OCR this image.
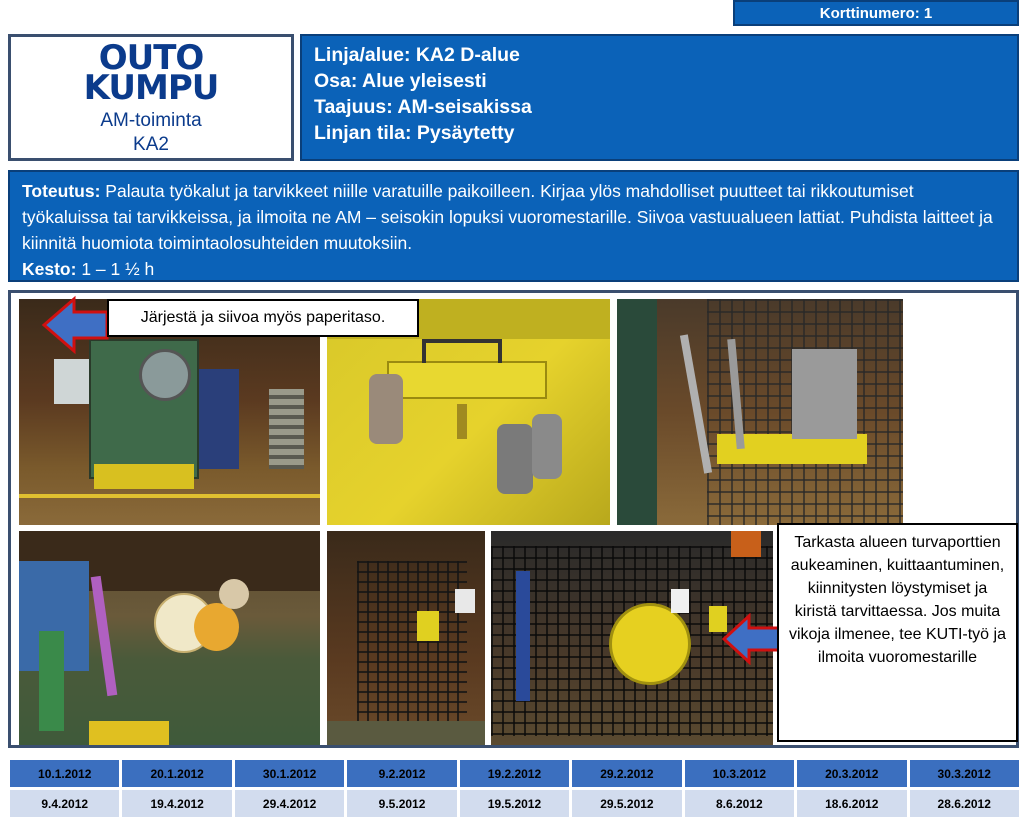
Korttinumero: 1
OUTO
KUMPU
AM-toiminta
KA2
Linja/alue: KA2 D-alue
Osa: Alue yleisesti
Taajuus: AM-seisakissa
Linjan tila: Pysäytetty
Toteutus: Palauta työkalut ja tarvikkeet niille varatuille paikoilleen. Kirjaa ylös mahdolliset puutteet tai rikkoutumiset työkaluissa tai tarvikkeissa, ja ilmoita ne AM – seisokin lopuksi vuoromestarille. Siivoa vastuualueen lattiat. Puhdista laitteet ja kiinnitä huomiota toimintaolosuhteiden muutoksiin.
Kesto: 1 – 1 ½ h
Järjestä ja siivoa myös paperitaso.
Tarkasta alueen turvaporttien aukeaminen, kuittaantuminen, kiinnitysten löystymiset ja kiristä tarvittaessa. Jos muita vikoja ilmenee, tee KUTI-työ ja ilmoita vuoromestarille
10.1.2012	20.1.2012	30.1.2012	9.2.2012	19.2.2012	29.2.2012	10.3.2012	20.3.2012	30.3.2012
9.4.2012	19.4.2012	29.4.2012	9.5.2012	19.5.2012	29.5.2012	8.6.2012	18.6.2012	28.6.2012
